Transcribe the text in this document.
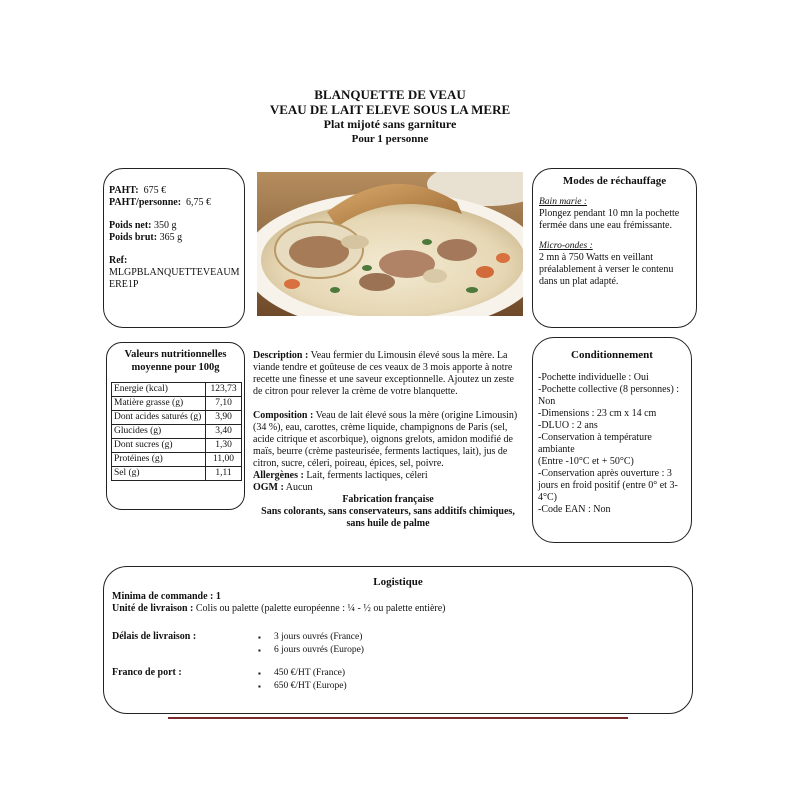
BLANQUETTE DE VEAU
VEAU DE LAIT ELEVE SOUS LA MERE
Plat mijoté sans garniture
Pour 1 personne
PAHT: 675 €
PAHT/personne: 6,75 €
Poids net: 350 g
Poids brut: 365 g
Ref:
MLGPBLANQUETTEVEAUMERE1P
Modes de réchauffage
Bain marie :
Plongez pendant 10 mn la pochette fermée dans une eau frémissante.
Micro-ondes :
2 mn à 750 Watts en veillant préalablement à verser le contenu dans un plat adapté.
Valeurs nutritionnelles moyenne pour 100g
Energie (kcal)	123,73
Matière grasse (g)	7,10
Dont acides saturés (g)	3,90
Glucides (g)	3,40
Dont sucres (g)	1,30
Protéines (g)	11,00
Sel (g)	1,11
Description : Veau fermier du Limousin élevé sous la mère. La viande tendre et goûteuse de ces veaux de 3 mois apporte à notre recette une finesse et une saveur exceptionnelle. Ajoutez un zeste de citron pour relever la crème de votre blanquette.
Composition : Veau de lait élevé sous la mère (origine Limousin) (34 %), eau, carottes, crème liquide, champignons de Paris (sel, acide citrique et ascorbique), oignons grelots, amidon modifié de maïs, beurre (crème pasteurisée, ferments lactiques, lait), jus de citron, sucre, céleri, poireau, épices, sel, poivre.
Allergènes : Lait, ferments lactiques, céleri
OGM : Aucun
Fabrication française
Sans colorants, sans conservateurs, sans additifs chimiques, sans huile de palme
Conditionnement
-Pochette individuelle : Oui
-Pochette collective (8 personnes) : Non
-Dimensions : 23 cm x 14 cm
-DLUO : 2 ans
-Conservation à température ambiante
(Entre -10°C et + 50°C)
-Conservation après ouverture : 3 jours en froid positif (entre 0° et 3-4°C)
-Code EAN : Non
Logistique
Minima de commande : 1
Unité de livraison : Colis ou palette (palette européenne : ¼ - ½ ou palette entière)
Délais de livraison :	▪ 3 jours ouvrés (France)
▪ 6 jours ouvrés (Europe)
Franco de port :	▪ 450 €/HT (France)
▪ 650 €/HT (Europe)
